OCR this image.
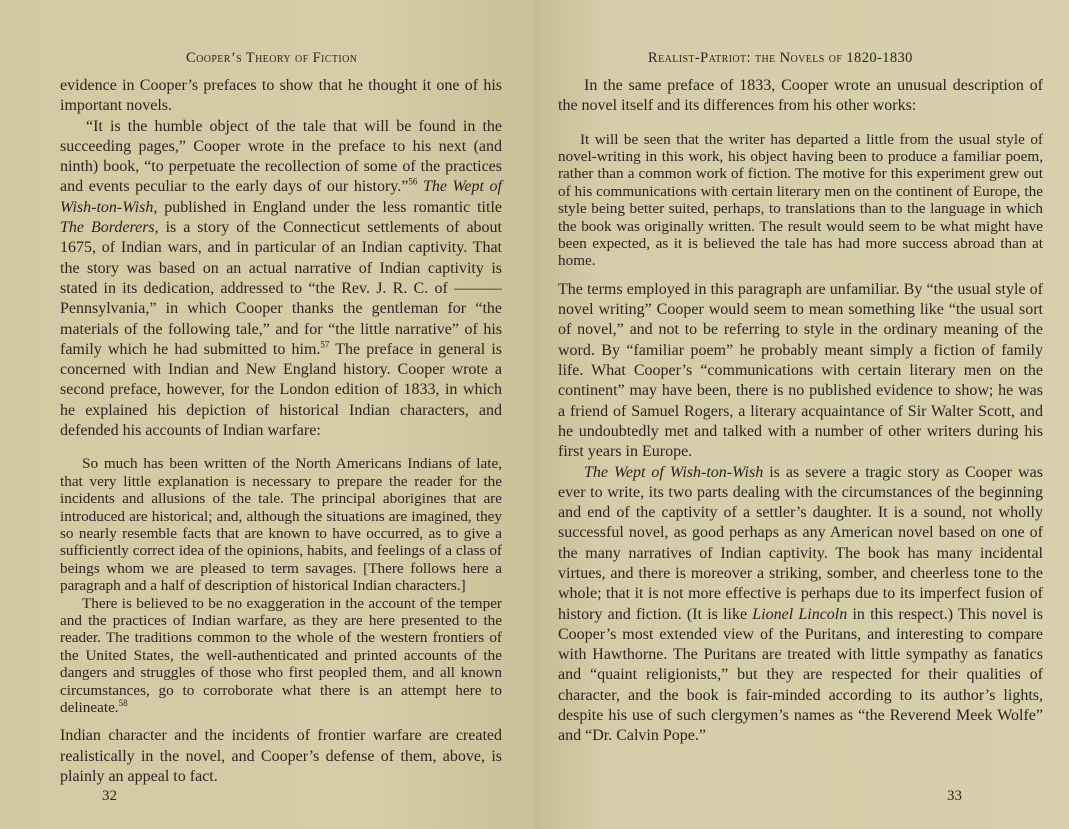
Cooper’s Theory of Fiction

evidence in Cooper’s prefaces to show that he thought it one of his important novels.

“It is the humble object of the tale that will be found in the succeeding pages,” Cooper wrote in the preface to his next (and ninth) book, “to perpetuate the recollection of some of the practices and events peculiar to the early days of our history.”$^{56}$ The Wept of Wish-ton-Wish, published in England under the less romantic title The Borderers, is a story of the Connecticut settlements of about 1675, of Indian wars, and in particular of an Indian captivity. That the story was based on an actual narrative of Indian captivity is stated in its dedication, addressed to “the Rev. J. R. C. of ——— Pennsylvania,” in which Cooper thanks the gentleman for “the materials of the following tale,” and for “the little narrative” of his family which he had submitted to him.$^{57}$ The preface in general is concerned with Indian and New England history. Cooper wrote a second preface, however, for the London edition of 1833, in which he explained his depiction of historical Indian characters, and defended his accounts of Indian warfare:

So much has been written of the North Americans Indians of late, that very little explanation is necessary to prepare the reader for the incidents and allusions of the tale. The principal aborigines that are introduced are historical; and, although the situations are imagined, they so nearly resemble facts that are known to have occurred, as to give a sufficiently correct idea of the opinions, habits, and feelings of a class of beings whom we are pleased to term savages. [There follows here a paragraph and a half of description of historical Indian characters.]

There is believed to be no exaggeration in the account of the temper and the practices of Indian warfare, as they are here presented to the reader. The traditions common to the whole of the western frontiers of the United States, the well-authenticated and printed accounts of the dangers and struggles of those who first peopled them, and all known circumstances, go to corroborate what there is an attempt here to delineate.$^{58}$

Indian character and the incidents of frontier warfare are created realistically in the novel, and Cooper’s defense of them, above, is plainly an appeal to fact.

32
Realist-Patriot: the Novels of 1820-1830

In the same preface of 1833, Cooper wrote an unusual description of the novel itself and its differences from his other works:

It will be seen that the writer has departed a little from the usual style of novel-writing in this work, his object having been to produce a familiar poem, rather than a common work of fiction. The motive for this experiment grew out of his communications with certain literary men on the continent of Europe, the style being better suited, perhaps, to translations than to the language in which the book was originally written. The result would seem to be what might have been expected, as it is believed the tale has had more success abroad than at home.

The terms employed in this paragraph are unfamiliar. By “the usual style of novel writing” Cooper would seem to mean something like “the usual sort of novel,” and not to be referring to style in the ordinary meaning of the word. By “familiar poem” he probably meant simply a fiction of family life. What Cooper’s “communications with certain literary men on the continent” may have been, there is no published evidence to show; he was a friend of Samuel Rogers, a literary acquaintance of Sir Walter Scott, and he undoubtedly met and talked with a number of other writers during his first years in Europe.

The Wept of Wish-ton-Wish is as severe a tragic story as Cooper was ever to write, its two parts dealing with the circumstances of the beginning and end of the captivity of a settler’s daughter. It is a sound, not wholly successful novel, as good perhaps as any American novel based on one of the many narratives of Indian captivity. The book has many incidental virtues, and there is moreover a striking, somber, and cheerless tone to the whole; that it is not more effective is perhaps due to its imperfect fusion of history and fiction. (It is like Lionel Lincoln in this respect.) This novel is Cooper’s most extended view of the Puritans, and interesting to compare with Hawthorne. The Puritans are treated with little sympathy as fanatics and “quaint religionists,” but they are respected for their qualities of character, and the book is fair-minded according to its author’s lights, despite his use of such clergymen’s names as “the Reverend Meek Wolfe” and “Dr. Calvin Pope.”

33
